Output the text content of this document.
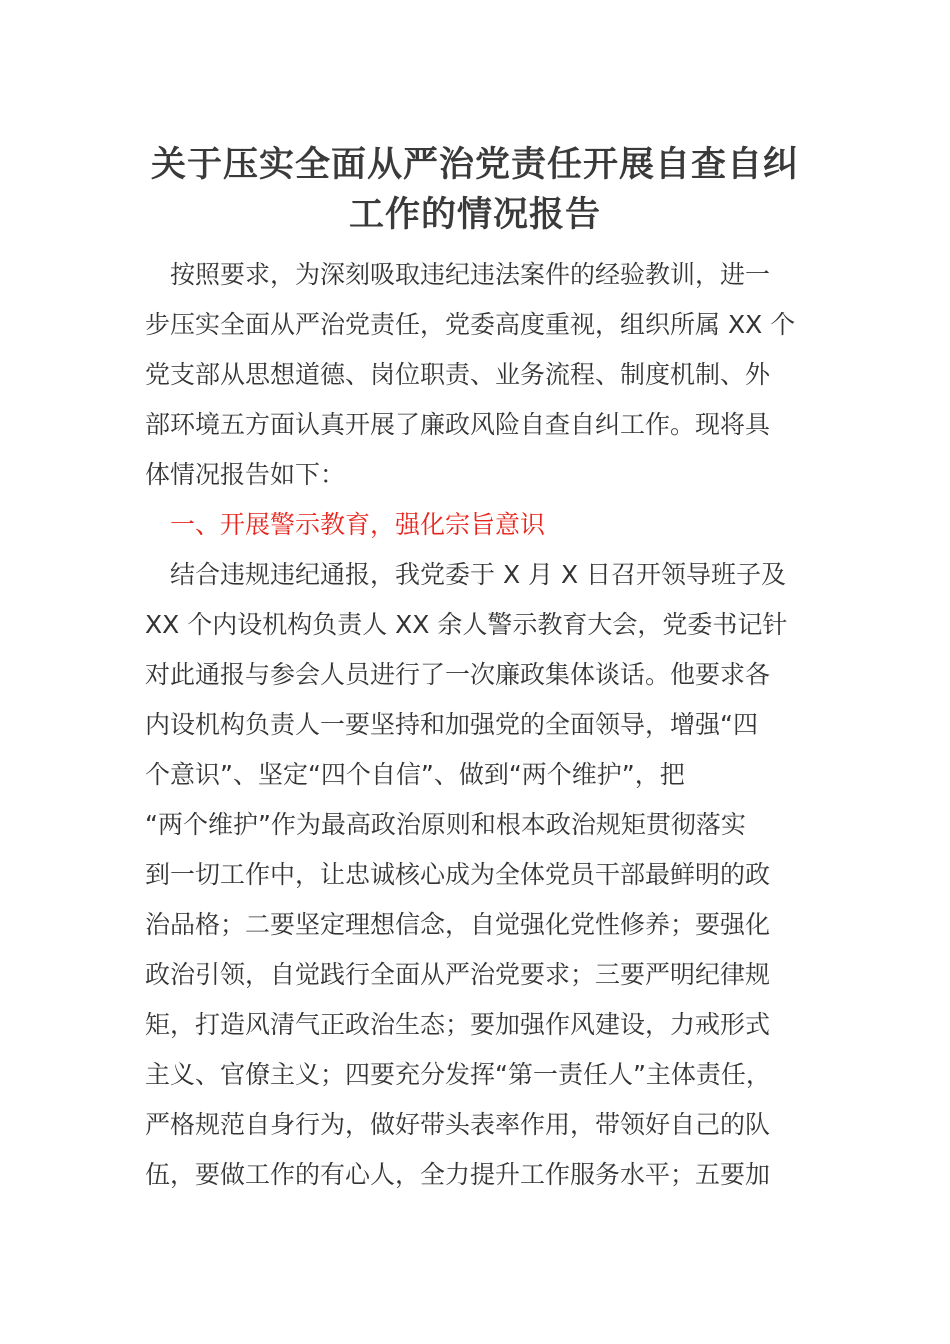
关于压实全面从严治党责任开展自查自纠
工作的情况报告
按照要求，为深刻吸取违纪违法案件的经验教训，进一
步压实全面从严治党责任，党委高度重视，组织所属 XX 个
党支部从思想道德、岗位职责、业务流程、制度机制、外
部环境五方面认真开展了廉政风险自查自纠工作。现将具
体情况报告如下：
一、开展警示教育，强化宗旨意识
结合违规违纪通报，我党委于 X 月 X 日召开领导班子及
XX 个内设机构负责人 XX 余人警示教育大会，党委书记针
对此通报与参会人员进行了一次廉政集体谈话。他要求各
内设机构负责人一要坚持和加强党的全面领导，增强“四
个意识”、坚定“四个自信”、做到“两个维护”，把
“两个维护”作为最高政治原则和根本政治规矩贯彻落实
到一切工作中，让忠诚核心成为全体党员干部最鲜明的政
治品格；二要坚定理想信念，自觉强化党性修养；要强化
政治引领，自觉践行全面从严治党要求；三要严明纪律规
矩，打造风清气正政治生态；要加强作风建设，力戒形式
主义、官僚主义；四要充分发挥“第一责任人”主体责任，
严格规范自身行为，做好带头表率作用，带领好自己的队
伍，要做工作的有心人，全力提升工作服务水平；五要加
